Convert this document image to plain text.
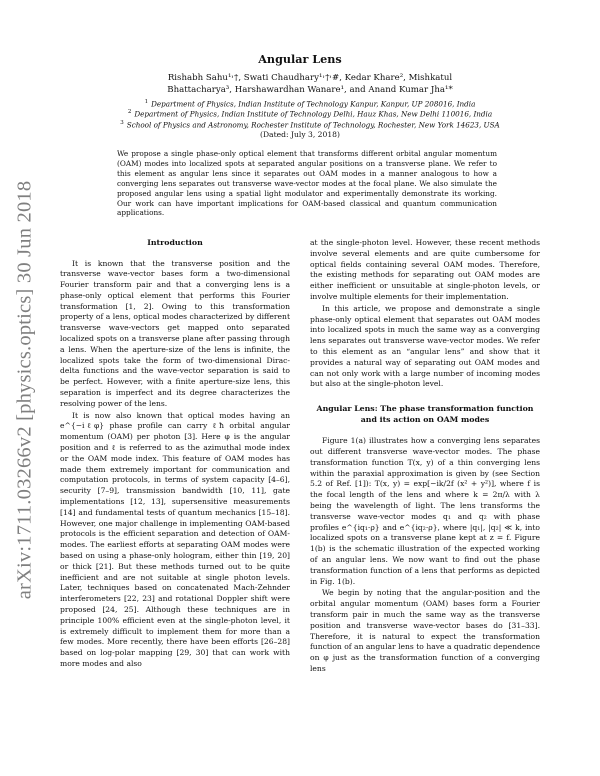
arXiv:1711.03266v2 [physics.optics] 30 Jun 2018
Angular Lens
Rishabh Sahu¹˒†, Swati Chaudhary¹˒†˒#, Kedar Khare², Mishkatul
Bhattacharya³, Harshawardhan Wanare¹, and Anand Kumar Jha¹*
$^1$ Department of Physics, Indian Institute of Technology Kanpur, Kanpur, UP 208016, India
$^2$ Department of Physics, Indian Institute of Technology Delhi, Hauz Khas, New Delhi 110016, India
$^3$ School of Physics and Astronomy, Rochester Institute of Technology, Rochester, New York 14623, USA
(Dated: July 3, 2018)
We propose a single phase-only optical element that transforms different orbital angular momentum (OAM) modes into localized spots at separated angular positions on a transverse plane. We refer to this element as angular lens since it separates out OAM modes in a manner analogous to how a converging lens separates out transverse wave-vector modes at the focal plane. We also simulate the proposed angular lens using a spatial light modulator and experimentally demonstrate its working. Our work can have important implications for OAM-based classical and quantum communication applications.
Introduction

It is known that the transverse position and the transverse wave-vector bases form a two-dimensional Fourier transform pair and that a converging lens is a phase-only optical element that performs this Fourier transformation [1, 2]. Owing to this transformation property of a lens, optical modes characterized by different transverse wave-vectors get mapped onto separated localized spots on a transverse plane after passing through a lens. When the aperture-size of the lens is infinite, the localized spots take the form of two-dimensional Dirac-delta functions and the wave-vector separation is said to be perfect. However, with a finite aperture-size lens, this separation is imperfect and its degree characterizes the resolving power of the lens.

It is now also known that optical modes having an e^{−iℓφ} phase profile can carry ℓħ orbital angular momentum (OAM) per photon [3]. Here φ is the angular position and ℓ is referred to as the azimuthal mode index or the OAM mode index. This feature of OAM modes has made them extremely important for communication and computation protocols, in terms of system capacity [4–6], security [7–9], transmission bandwidth [10, 11], gate implementations [12, 13], supersensitive measurements [14] and fundamental tests of quantum mechanics [15–18]. However, one major challenge in implementing OAM-based protocols is the efficient separation and detection of OAM-modes. The earliest efforts at separating OAM modes were based on using a phase-only hologram, either thin [19, 20] or thick [21]. But these methods turned out to be quite inefficient and are not suitable at single photon levels. Later, techniques based on concatenated Mach-Zehnder interferometers [22, 23] and rotational Doppler shift were proposed [24, 25]. Although these techniques are in principle 100% efficient even at the single-photon level, it is extremely difficult to implement them for more than a few modes. More recently, there have been efforts [26–28] based on log-polar mapping [29, 30] that can work with more modes and also

at the single-photon level. However, these recent methods involve several elements and are quite cumbersome for optical fields containing several OAM modes. Therefore, the existing methods for separating out OAM modes are either inefficient or unsuitable at single-photon levels, or involve multiple elements for their implementation.

In this article, we propose and demonstrate a single phase-only optical element that separates out OAM modes into localized spots in much the same way as a converging lens separates out transverse wave-vector modes. We refer to this element as an “angular lens” and show that it provides a natural way of separating out OAM modes and can not only work with a large number of incoming modes but also at the single-photon level.

Angular Lens: The phase transformation function
and its action on OAM modes

Figure 1(a) illustrates how a converging lens separates out different transverse wave-vector modes. The phase transformation function T(x, y) of a thin converging lens within the paraxial approximation is given by (see Section 5.2 of Ref. [1]): T(x, y) = exp[−ik/2f (x² + y²)], where f is the focal length of the lens and where k = 2π/λ with λ being the wavelength of light. The lens transforms the transverse wave-vector modes q₁ and q₂ with phase profiles e^{iq₁·ρ} and e^{iq₂·ρ}, where |q₁|, |q₂| ≪ k, into localized spots on a transverse plane kept at z = f. Figure 1(b) is the schematic illustration of the expected working of an angular lens. We now want to find out the phase transformation function of a lens that performs as depicted in Fig. 1(b).

We begin by noting that the angular-position and the orbital angular momentum (OAM) bases form a Fourier transform pair in much the same way as the transverse position and transverse wave-vector bases do [31–33]. Therefore, it is natural to expect the transformation function of an angular lens to have a quadratic dependence on φ just as the transformation function of a converging lens
